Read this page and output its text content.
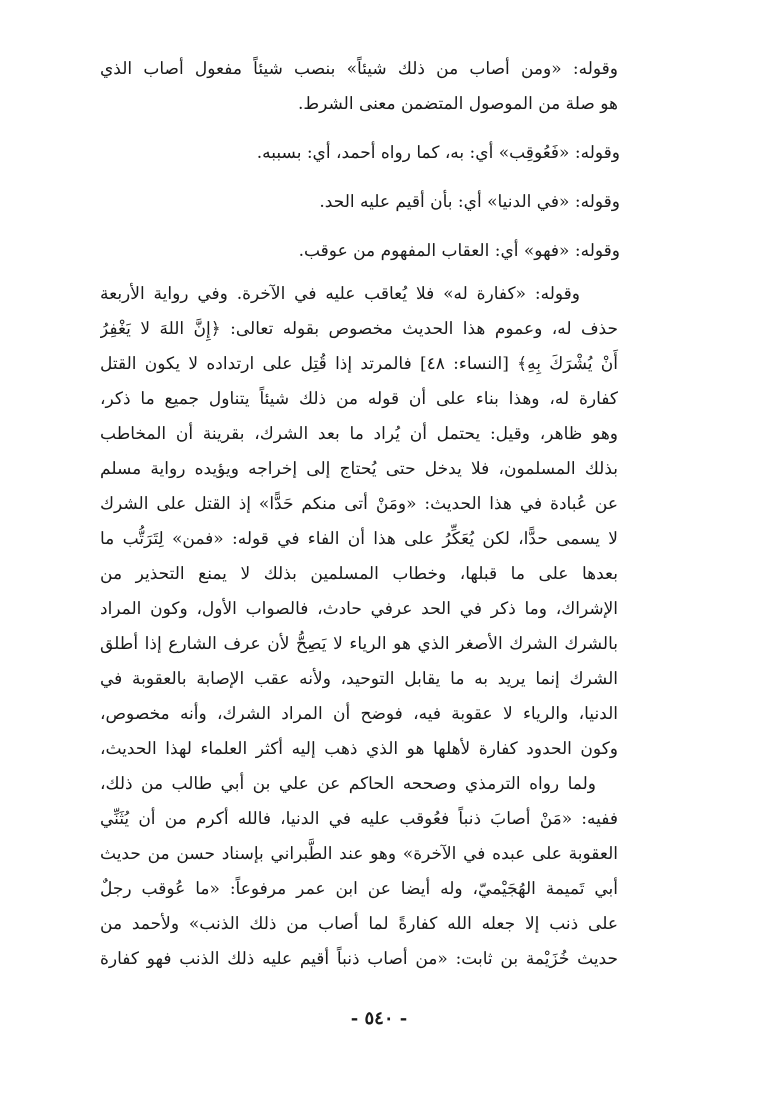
وقوله: «ومن أصاب من ذلك شيئاً» بنصب شيئاً مفعول أصاب الذي
هو صلة من الموصول المتضمن معنى الشرط.

وقوله: «فَعُوقِب» أي: به، كما رواه أحمد، أي: بسببه.

وقوله: «في الدنيا» أي: بأن أقيم عليه الحد.

وقوله: «فهو» أي: العقاب المفهوم من عوقب.

وقوله: «كفارة له» فلا يُعاقب عليه في الآخرة. وفي رواية الأربعة
حذف له، وعموم هذا الحديث مخصوص بقوله تعالى: ﴿إِنَّ اللهَ لا يَغْفِرُ
أَنْ يُشْرَكَ بِهِ﴾ [النساء: ٤٨] فالمرتد إذا قُتِل على ارتداده لا يكون القتل
كفارة له، وهذا بناء على أن قوله من ذلك شيئاً يتناول جميع ما ذكر،
وهو ظاهر، وقيل: يحتمل أن يُراد ما بعد الشرك، بقرينة أن المخاطب
بذلك المسلمون، فلا يدخل حتى يُحتاج إلى إخراجه ويؤيده رواية مسلم
عن عُبادة في هذا الحديث: «ومَنْ أتى منكم حَدًّا» إذ القتل على الشرك
لا يسمى حدًّا، لكن يُعَكِّرُ على هذا أن الفاء في قوله: «فمن» لِتَرَتُّب ما
بعدها على ما قبلها، وخطاب المسلمين بذلك لا يمنع التحذير من
الإشراك، وما ذكر في الحد عرفي حادث، فالصواب الأول، وكون المراد
بالشرك الشرك الأصغر الذي هو الرياء لا يَصِحُّ لأن عرف الشارع إذا أطلق
الشرك إنما يريد به ما يقابل التوحيد، ولأنه عقب الإصابة بالعقوبة في
الدنيا، والرياء لا عقوبة فيه، فوضح أن المراد الشرك، وأنه مخصوص،
وكون الحدود كفارة لأهلها هو الذي ذهب إليه أكثر العلماء لهذا الحديث،
ولما رواه الترمذي وصححه الحاكم عن علي بن أبي طالب من ذلك،
ففيه: «مَنْ أصابَ ذنباً فعُوقب عليه في الدنيا، فالله أكرم من أن يُثَنِّي
العقوبة على عبده في الآخرة» وهو عند الطَّبراني بإسناد حسن من حديث
أبي تَميمة الهُجَيْميّ، وله أيضا عن ابن عمر مرفوعاً: «ما عُوقب رجلٌ
على ذنب إلا جعله الله كفارةً لما أصاب من ذلك الذنب» ولأحمد من
حديث خُزَيْمة بن ثابت: «من أصاب ذنباً أقيم عليه ذلك الذنب فهو كفارة

- ٥٤٠ -
